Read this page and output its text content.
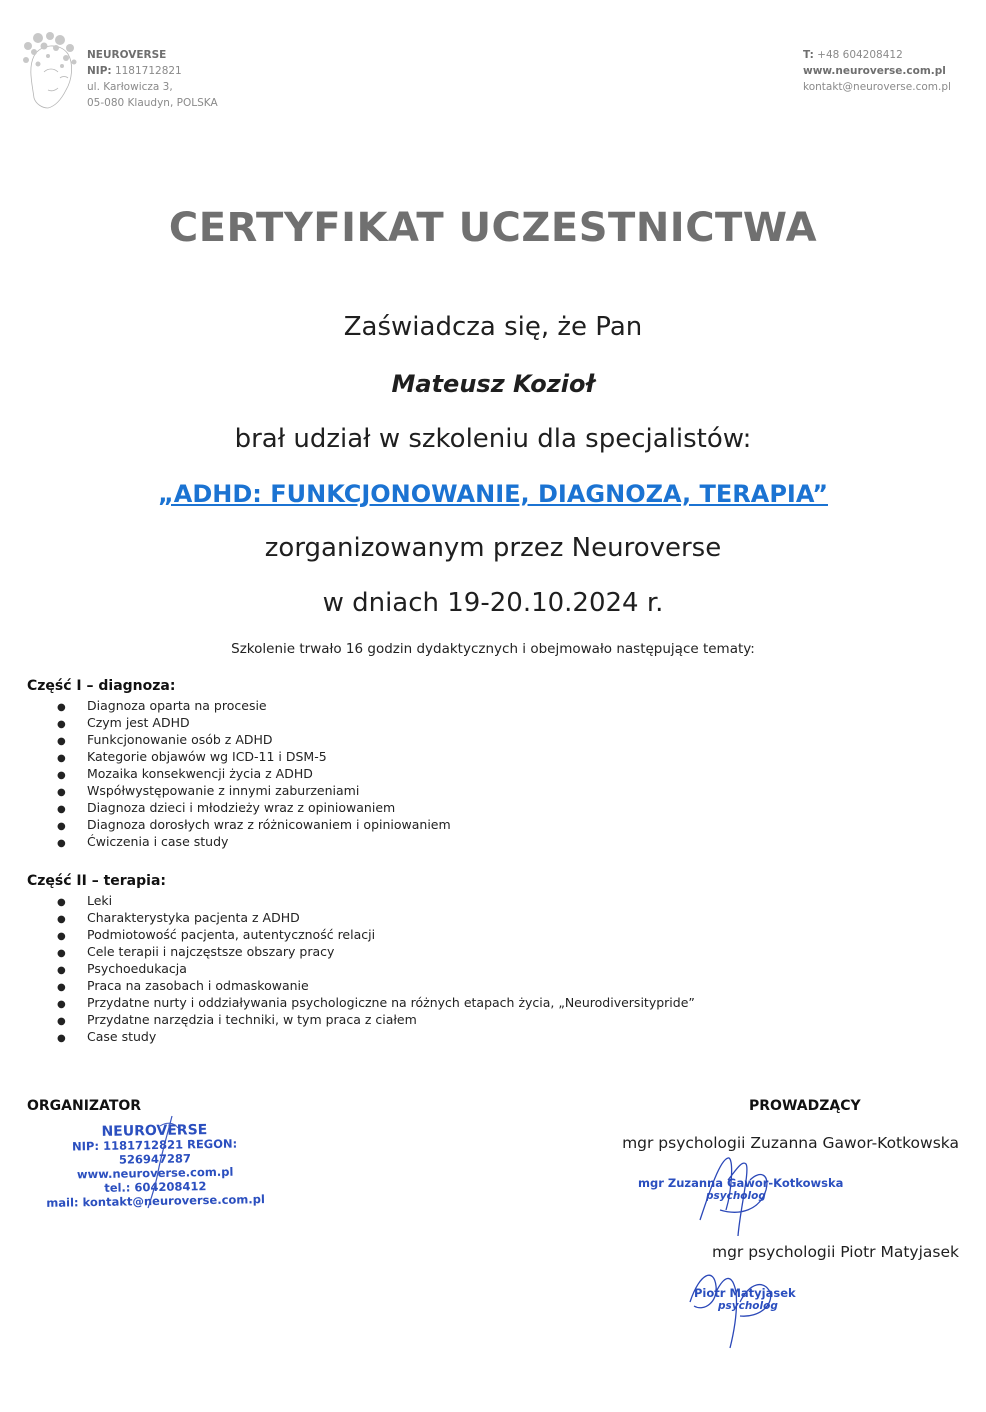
NEUROVERSE
NIP: 1181712821
ul. Karłowicza 3,
05-080 Klaudyn, POLSKA
T: +48 604208412
www.neuroverse.com.pl
kontakt@neuroverse.com.pl
CERTYFIKAT UCZESTNICTWA
Zaświadcza się, że Pan
Mateusz Kozioł
brał udział w szkoleniu dla specjalistów:
„ADHD: FUNKCJONOWANIE, DIAGNOZA, TERAPIA”
zorganizowanym przez Neuroverse
w dniach 19-20.10.2024 r.
Szkolenie trwało 16 godzin dydaktycznych i obejmowało następujące tematy:
Część I – diagnoza:
● Diagnoza oparta na procesie
● Czym jest ADHD
● Funkcjonowanie osób z ADHD
● Kategorie objawów wg ICD-11 i DSM-5
● Mozaika konsekwencji życia z ADHD
● Współwystępowanie z innymi zaburzeniami
● Diagnoza dzieci i młodzieży wraz z opiniowaniem
● Diagnoza dorosłych wraz z różnicowaniem i opiniowaniem
● Ćwiczenia i case study
Część II – terapia:
● Leki
● Charakterystyka pacjenta z ADHD
● Podmiotowość pacjenta, autentyczność relacji
● Cele terapii i najczęstsze obszary pracy
● Psychoedukacja
● Praca na zasobach i odmaskowanie
● Przydatne nurty i oddziaływania psychologiczne na różnych etapach życia, „Neurodiversitypride”
● Przydatne narzędzia i techniki, w tym praca z ciałem
● Case study
ORGANIZATOR	PROWADZĄCY
NEUROVERSE
NIP: 1181712821 REGON: 526947287
www.neuroverse.com.pl
tel.: 604208412
mail: kontakt@neuroverse.com.pl
mgr psychologii Zuzanna Gawor-Kotkowska
mgr Zuzanna Gawor-Kotkowska
psycholog
mgr psychologii Piotr Matyjasek
Piotr Matyjasek
psycholog
